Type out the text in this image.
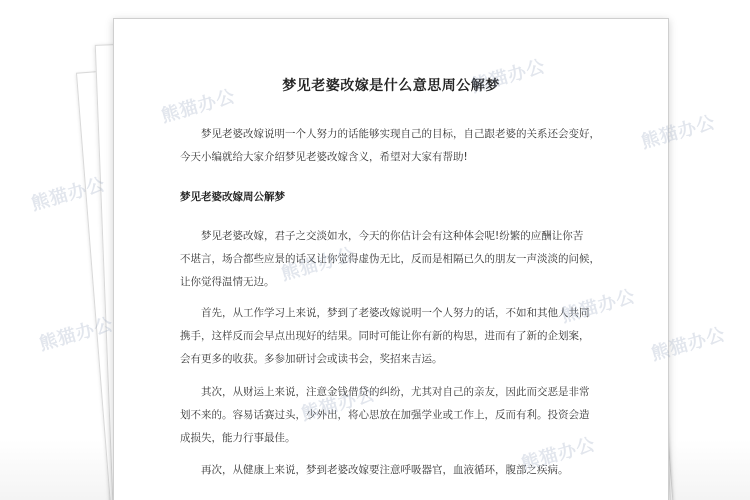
梦见老婆改嫁是什么意思周公解梦
梦见老婆改嫁说明一个人努力的话能够实现自己的目标，自己跟老婆的关系还会变好，
今天小编就给大家介绍梦见老婆改嫁含义，希望对大家有帮助!
梦见老婆改嫁周公解梦
梦见老婆改嫁，君子之交淡如水，今天的你估计会有这种体会呢!纷繁的应酬让你苦
不堪言，场合都些应景的话又让你觉得虚伪无比，反而是相隔已久的朋友一声淡淡的问候，
让你觉得温情无边。
首先，从工作学习上来说，梦到了老婆改嫁说明一个人努力的话，不如和其他人共同
携手，这样反而会早点出现好的结果。同时可能让你有新的构思，进而有了新的企划案，
会有更多的收获。多参加研讨会或读书会，奖招来吉运。
其次，从财运上来说，注意金钱借贷的纠纷，尤其对自己的亲友，因此而交恶是非常
划不来的。容易话赛过头，少外出，将心思放在加强学业或工作上，反而有利。投资会造
成损失，能力行事最佳。
再次，从健康上来说，梦到老婆改嫁要注意呼吸器官，血液循环，腹部之疾病。
熊猫办公
熊猫办公
熊猫办公
熊猫办公
熊猫办公
熊猫办公
熊猫办公
熊猫办公
熊猫办公
熊猫办公
